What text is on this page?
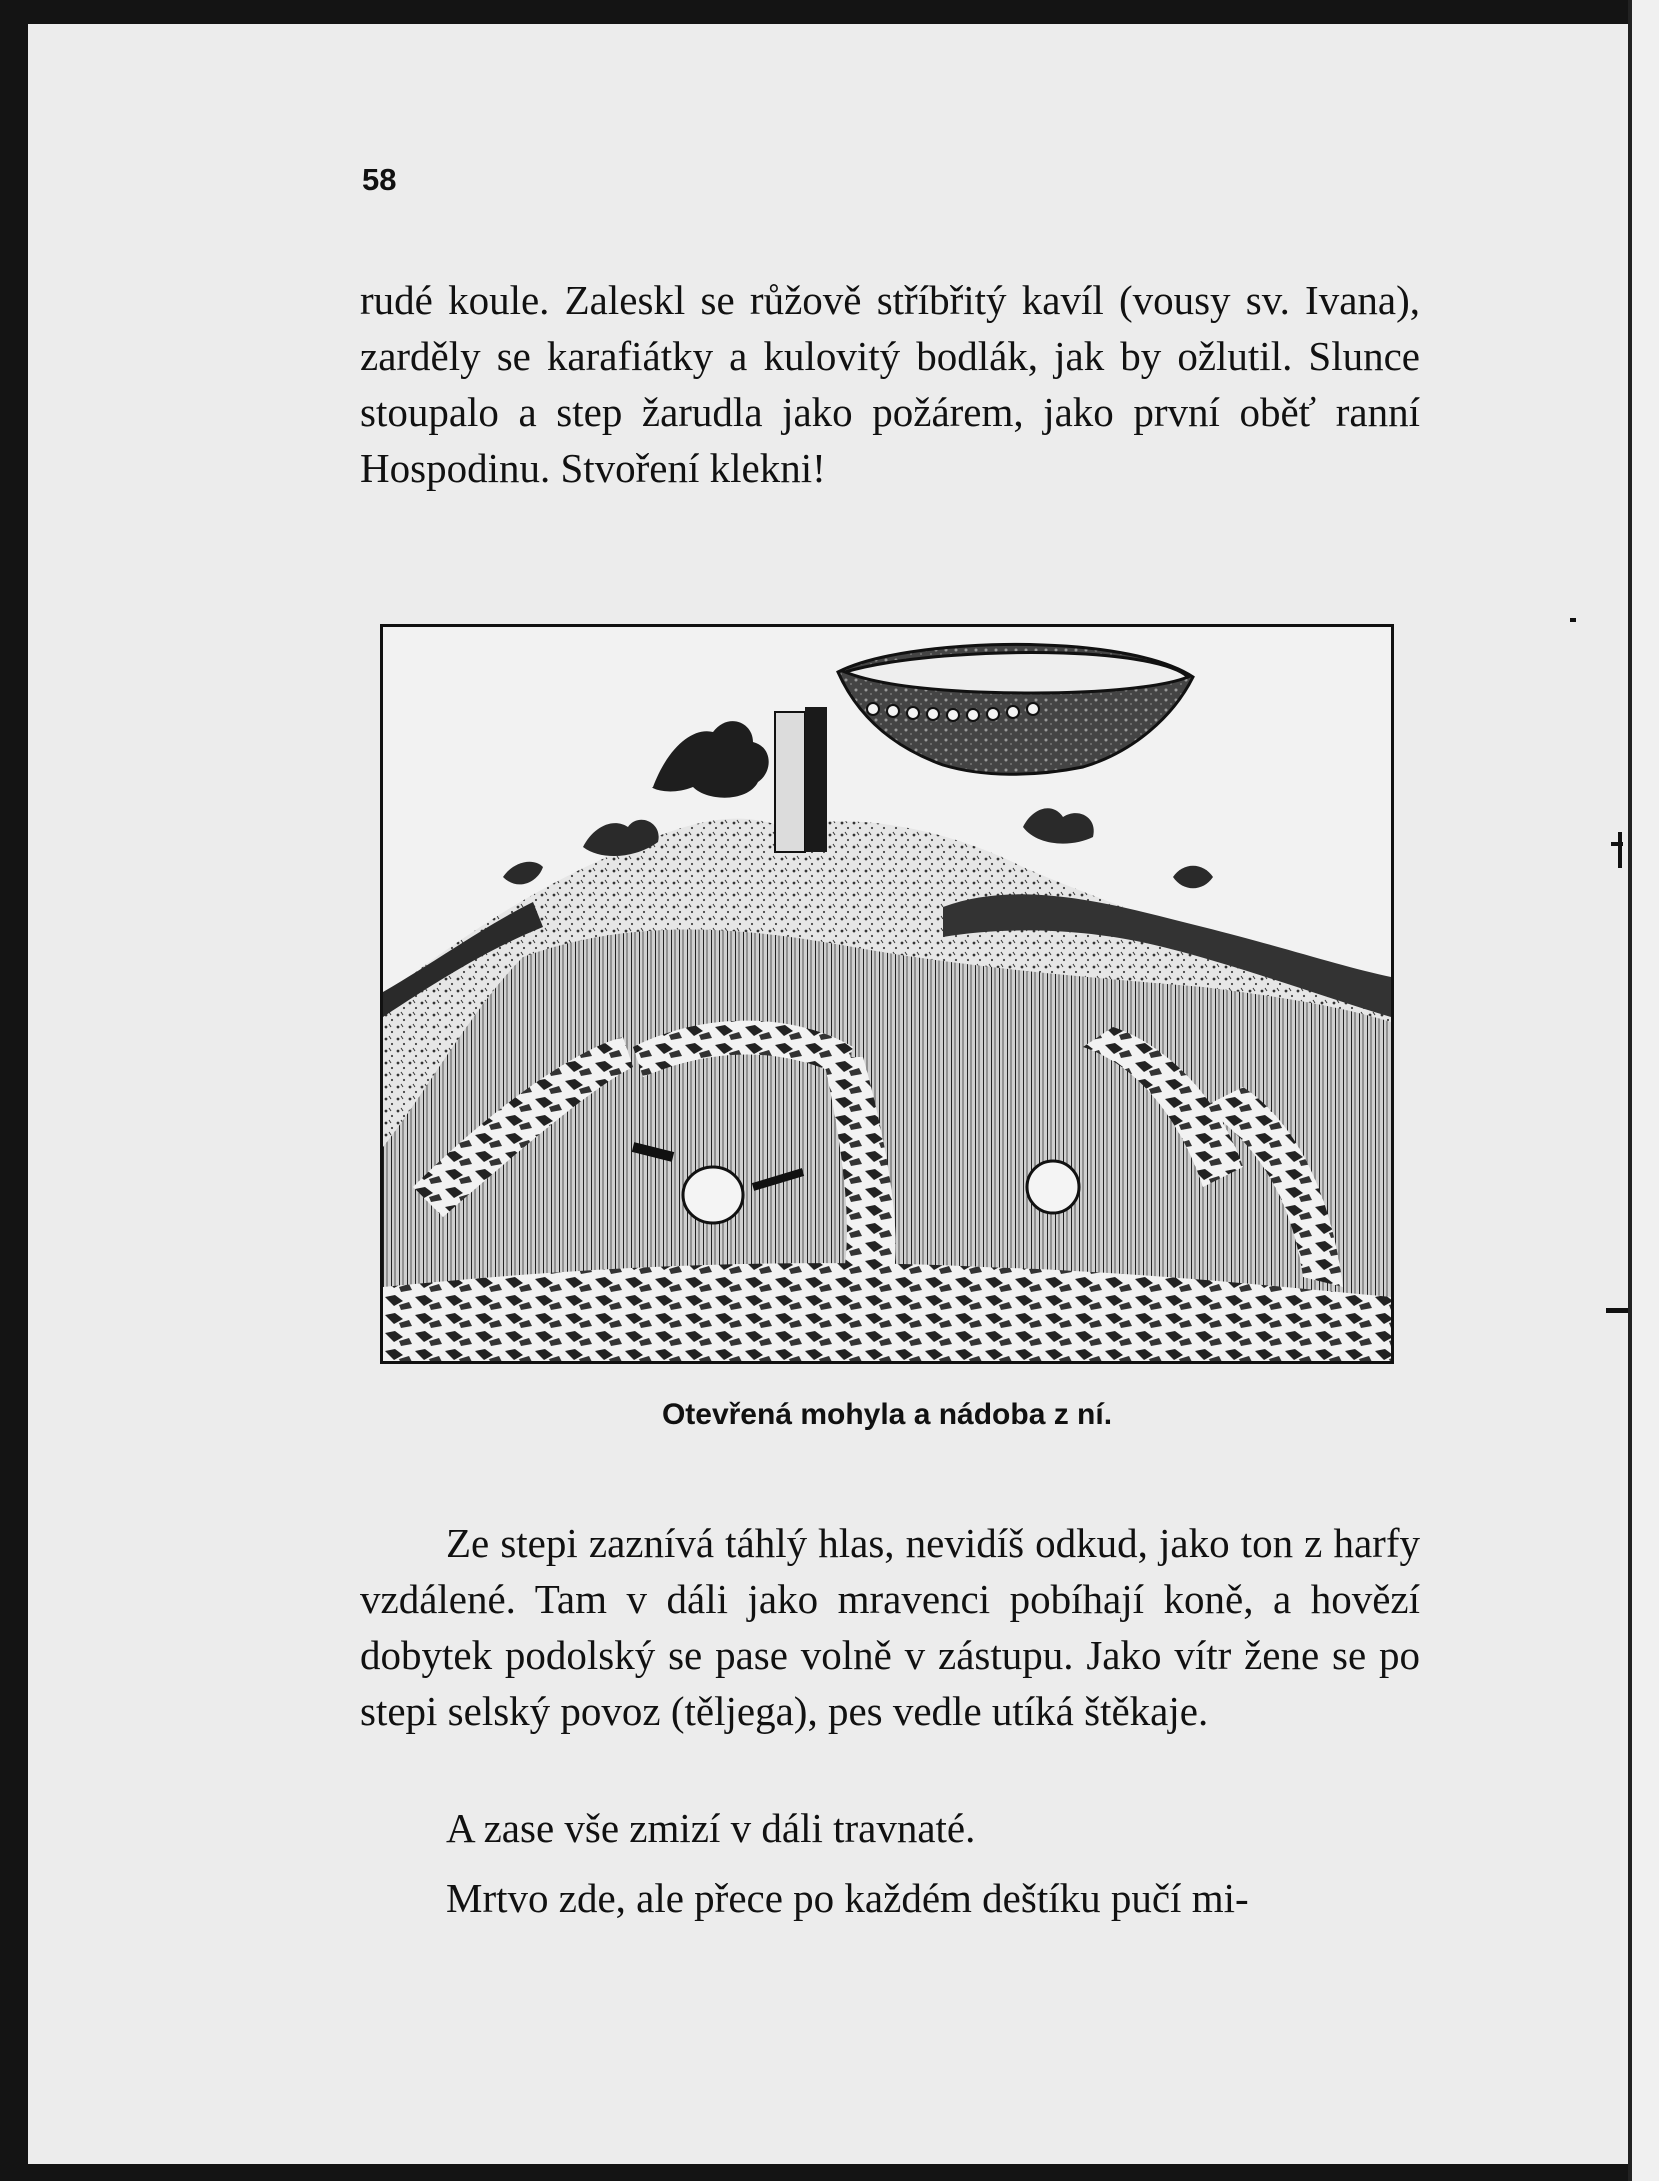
58

rudé koule. Zaleskl se růžově stříbřitý kavíl (vousy sv. Ivana), zarděly se karafiátky a kulovitý bodlák, jak by ožlutil. Slunce stoupalo a step žarudla jako požárem, jako první oběť ranní Hospodinu. Stvoření klekni!

Otevřená mohyla a nádoba z ní.

Ze stepi zaznívá táhlý hlas, nevidíš odkud, jako ton z harfy vzdálené. Tam v dáli jako mravenci pobíhají koně, a hovězí dobytek podolský se pase volně v zástupu. Jako vítr žene se po stepi selský povoz (těljega), pes vedle utíká štěkaje.

A zase vše zmizí v dáli travnaté.

Mrtvo zde, ale přece po každém deštíku pučí mi-
